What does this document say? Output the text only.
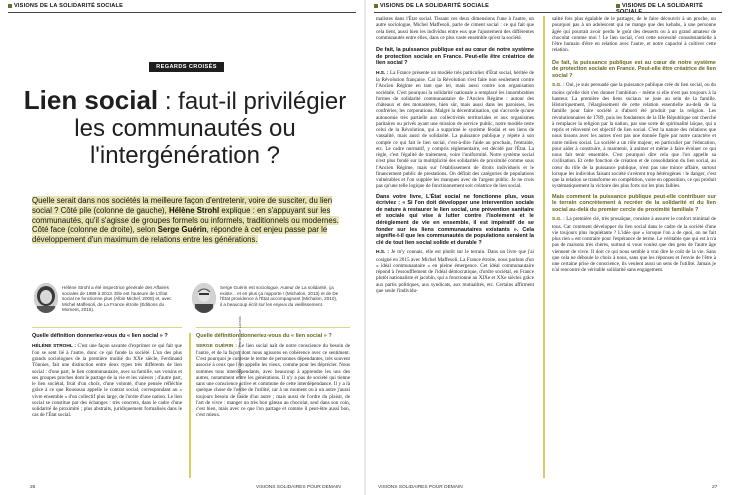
VISIONS DE LA SOLIDARITÉ SOCIALE
REGARDS CROISÉS
Lien social : faut-il privilégier les communautés ou l'intergénération ?
Quelle serait dans nos sociétés la meilleure façon d'entretenir, voire de susciter, du lien social ? Côté pile (colonne de gauche), Hélène Strohl explique : en s'appuyant sur les communautés, qu'il s'agisse de groupes formels ou informels, traditionnels ou modernes. Côté face (colonne de droite), selon Serge Guérin, répondre à cet enjeu passe par le développement d'un maximum de relations entre les générations.
Hélène Strohl a été inspectrice générale des Affaires sociales de 1989 à 2013. Elle est l'auteure de L'État social ne fonctionne plus (Albin Michel, 2008) et, avec Michel Maffesoli, de La France étroite (Éditions du Moment, 2015).
Serge Guérin est sociologue. Auteur de La solidarité, ça existe... et en plus ça rapporte ! (Michalon, 2013) et de De l'État providence à l'État accompagnant (Michalon, 2010), il a beaucoup écrit sur les enjeux du vieillissement.

Quelle définition donneriez-vous du « lien social » ?

HÉLÈNE STROHL : C'est une façon savante d'exprimer ce qui fait que l'on se sent lié à l'autre, donc ce qui fonde la société. L'un des plus grands sociologues de la première moitié du XXe siècle, Ferdinand Tönnies, fait une distinction entre deux types très différents de lien social : d'une part, le lien communautaire, avec sa famille, ses voisins et ses groupes proches dont le partage de la vie et les valeurs ; d'autre part, le lien sociétal, fruit d'un choix, d'une volonté, d'une pensée réfléchie grâce à ce que Rousseau appelle le contrat social, correspondant au « vivre ensemble » d'un collectif plus large, de l'ordre d'une nation. Le lien social se constitue par des échanges : très concrets, dans le cadre d'une solidarité de proximité ; plus abstraits, juridiquement formalisés dans le cas de l'État social.

Quelle définition donneriez-vous du « lien social » ?

SERGE GUÉRIN : Le lien social naît de notre conscience du besoin de l'autre, et de la façon dont nous agissons en cohérence avec ce sentiment. C'est pourquoi je conteste le terme de personnes dépendantes, très souvent associé à ceux que l'on appelle les vieux, comme pour les déprécier. Nous sommes tous interdépendants, avec beaucoup à apprendre les uns des autres, notamment entre les générations. Il n'y a pas de société qui tienne sans une conscience active et commune de cette interdépendance. Il y a là quelque chose de l'ordre de l'utilité, car à un moment ou à un autre j'aurai toujours besoin de l'aide d'un autre ; mais aussi de l'ordre du plaisir, de l'art de vivre : manger un très bon gâteau au chocolat, seul dans son coin, c'est bien, mais avec ce que l'on partage et comme il peut-être aussi bon, c'est mieux.

© Fotolia – David Crossland / Dominique Lacroix
26	VISIONS SOLIDAIRES POUR DEMAIN
VISIONS DE LA SOLIDARITÉ SOCIALE	VISIONS DE LA SOLIDARITÉ

malistes dans l'État social. Tissant ces deux dimensions l'une à l'autre, un autre sociologue, Michel Maffesoli, parle de ciment social : ce qui fait que cela tient, aussi bien les individus entre eux que l'ajustement des différentes communautés entre elles, dans ce plus vaste ensemble qu'est la société.

De fait, la puissance publique est au cœur de notre système de protection sociale en France. Peut-elle être créatrice de lien social ?

H.S. : La France présente un modèle très particulier d'État social, héritée de la Révolution française. Car la Révolution s'est faite non seulement contre l'Ancien Régime en tant que tel, mais aussi contre son organisation sociétale. C'est pourquoi la solidarité nationale a remplacé les innombrables formes de solidarité communautaire de l'Ancien Régime : autour des châteaux et des monastères, bien sûr, mais aussi dans les paroisses, les confréries, les corporations. Malgré la décentralisation, qui s'accorde qu'une autonomie très partielle aux collectivités territoriales et aux organismes paritaires ou privés ayant une mission de service public, notre modèle reste celui de la Révolution, qui a supprimé le système féodal et ses liens de vassalité, mais aussi de solidarité. La puissance publique y répète à son compte ce qui fait le lien social, c'est-à-dire l'aide au prochain, l'entraide, etc. Le cadre normatif, y compris réglementaire, est décidé par l'État. La règle, c'est l'égalité de traitement, voire l'uniformité. Notre système social n'est plus fondé sur la multiplicité des solidarités de proximité comme sous l'Ancien Régime, mais sur l'établissement de droits individuels et le financement public de prestations. On définit des catégories de populations vulnérables et l'on supplée les manques avec de l'argent public. Je ne crois pas qu'une telle logique de fonctionnement soit créatrice de lien social.

Dans votre livre, L'État social ne fonctionne plus, vous écriviez : « Si l'on doit développer une intervention sociale de nature à restaurer le lien social, une prévention sanitaire et sociale qui vise à lutter contre l'isolement et le dérèglement de vie en ensemble, il est impératif de se fonder sur les liens communautaires existants ». Cela signifie-t-il que les communautés de populations seraient la clé de tout lien social solide et durable ?

H.S. : Je m'y connais, elle est plutôt sur le terrain. Dans un livre que j'ai cosigné en 2015 avec Michel Maffesoli, La France étroite, nous parlons d'un « idéal communautaire » en pleine émergence. Cet idéal communautaire répond à l'essoufflement de l'idéal démocratique, d'ordre sociétal, en France plutôt nationaliste et jacobin, qui a fonctionné au XIXe et XXe siècles grâce aux partis politiques, aux syndicats, aux mutualités, etc. Certains affirment que seule l'individu-

salité fois plus égalable de le partager, de le faire découvrir à un proche, ou pourquoi pas à un adolescent qui ne mange que des kebabs, à une personne âgée qui pourrait avoir perdu le goût des desserts ou à un grand amateur de chocolat comme moi ! Le lien social, c'est cette nécessité consubstantielle à l'être humain d'être en relation avec l'autre, et notre capacité à cultiver cette relation.

De fait, la puissance publique est au cœur de notre système de protection sociale en France. Peut-elle être créatrice de lien social ?

S.G. : Oui, je suis persuadé que la puissance publique crée du lien social, ou du moins qu'elle doit s'en donner l'ambition – même si elle n'est pas toujours à la hauteur. La première des liens sociaux se joue au sein de la famille. Historiquement, l'élargissement de cette relation essentielle au-delà de la famille pour faire société a d'abord été produit par la religion. Les révolutionnaires de 1789, puis les fondateurs de la IIIe République ont cherché à remplacer la religion par la nation, par une sorte de spiritualité laïque, qui a repris et réinventé cet objectif de lien social. C'est la nature des relations que nous tissons avec les autres n'est pas une donnée figée par notre caractère et notre milieu social. La société a un rôle majeur, en particulier par l'éducation, pour aider à construire, à maintenir, à animer et même à faire évoluer ce qui nous fait tenir ensemble. C'est pourquoi dire cela que l'on appelle sa civilisation. Et cette fonction de création et de consolidation du lien social, au cœur du rôle de la puissance publique, n'est pas une mince affaire, surtout lorsque les individus faisant société s'avèrent trop hétérogènes : le danger, c'est que la relation se transforme en compétition, voire en opposition, ce qui produit systématiquement la victoire des plus forts sur les plus faibles.

Mais comment la puissance publique peut-elle contribuer sur le terrain concrètement à recréer de la solidarité et du lien social au-delà du premier cercle de proximité familiale ?

S.G. : La première clé, très prosaïque, consiste à assurer le confort minimal de tous. Car comment développer du lien social dans le cadre de la société d'une vie toujours plus inquiétante ? L'idée que « lorsque l'on a de quoi, on ne fait plus rien » est contraire pour l'espérance de terme. Le véritable que qui est à n'a pas de maisons très chères, surtout si vous voulez que des gens de l'autre âge viennent de vivre. Il doit ce qui nous semble à vrai dire le coût de la vie. Sans que cela ne déboule le choix à nous, sans que les réponses et l'envie de l'être à une certaine prise de conscience, ils veulent aussi un sens de l'utilité. Jamais je n'ai rencontré de véritable solidarité sans engagement.

VISIONS SOLIDAIRES POUR DEMAIN	27
